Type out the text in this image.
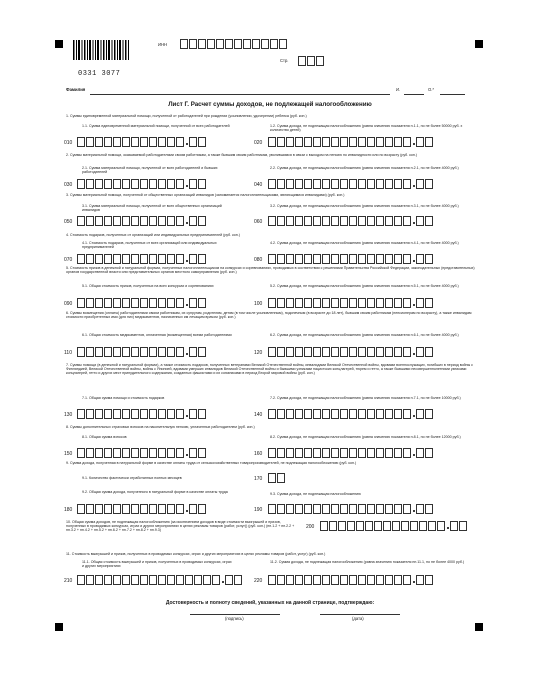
0331 3077
ИНН
Стр.
Фамилия	И.	О.*
Лист Г. Расчет суммы доходов, не подлежащей налогообложению
1. Суммы единовременной материальной помощи, полученной от работодателей при рождении (усыновлении, удочерении) ребенка (руб. коп.)
1.1. Сумма единовременной материальной помощи, полученной от всех работодателей	1.2. Сумма дохода, не подлежащая налогообложению (равна значению показателя п.1.1, но не более 50000 руб. х количество детей)
010	020
2. Суммы материальной помощи, оказываемой работодателями своим работникам, а также бывшим своим работникам, уволившимся в связи с выходом на пенсию по инвалидности или по возрасту (руб. коп.)
2.1. Сумма материальной помощи, полученной от всех работодателей и бывших работодателей
2.2. Сумма дохода, не подлежащая налогообложению (равна значению показателя п.2.1, но не более 4000 руб.)
030	040
3. Суммы материальной помощи, полученной от общественных организаций инвалидов (запоминается налогоплательщиками, являющимися инвалидами) (руб. коп.)
3.1. Сумма материальной помощи, полученной от всех общественных организаций инвалидов
3.2. Сумма дохода, не подлежащая налогообложению (равна значению показателя п.3.1, но не более 4000 руб.)
050	060
4. Стоимость подарков, полученных от организаций или индивидуальных предпринимателей (руб. коп.)
4.1. Стоимость подарков, полученных от всех организаций или индивидуальных предпринимателей
4.2. Сумма дохода, не подлежащая налогообложению (равна значению показателя п.4.1, но не более 4000 руб.)
070	080
5. Стоимость призов в денежной и натуральной формах, полученных налогоплательщиком на конкурсах и соревнованиях, проводимых в соответствии с решениями Правительства Российской Федерации, законодательных (представительных) органов государственной власти или представительных органов местного самоуправления (руб. коп.)
5.1. Общая стоимость призов, полученных на всех конкурсах и соревнованиях	5.2. Сумма дохода, не подлежащая налогообложению (равна значению показателя п.5.1, но не более 4000 руб.)
090	100
6. Суммы возмещения (оплаты) работодателями своим работникам, их супругам, родителям, детям (в том числе усыновленным), подопечным (в возрасте до 18 лет), бывшим своим работникам (пенсионерам по возрасту), а также инвалидам стоимости приобретенных ими (для них) медикаментов, назначенных им лечащим врачом (руб. коп.)
6.1. Общая стоимость медикаментов, оплаченная (возмещенная) всеми работодателями	6.2. Сумма дохода, не подлежащая налогообложению (равна значению показателя п.6.1, но не более 4000 руб.)
110	120
7. Суммы помощи (в денежной и натуральной формах), а также стоимость подарков, полученных ветеранами Великой Отечественной войны, инвалидами Великой Отечественной войны, вдовами военнослужащих, погибших в период войны с Финляндией, Великой Отечественной войны, войны с Японией, вдовами умерших инвалидов Великой Отечественной войны и бывшими узниками нацистских концлагерей, тюрем и гетто, а также бывшими несовершеннолетними узниками концлагерей, гетто и других мест принудительного содержания, созданных фашистами и их союзниками в период Второй мировой войны (руб. коп.)
7.1. Общая сумма помощи и стоимость подарков	7.2. Сумма дохода, не подлежащая налогообложению (равна значению показателя п.7.1, но не более 10000 руб.)
130	140
8. Суммы дополнительных страховых взносов на накопительную пенсию, уплаченных работодателем (руб. коп.)
8.1. Общая сумма взносов	8.2. Сумма дохода, не подлежащая налогообложению (равна значению показателя п.8.1, но не более 12000 руб.)
150	160
9. Сумма дохода, полученная в натуральной форме в качестве оплаты труда от сельскохозяйственных товаропроизводителей, не подлежащая налогообложению (руб. коп.)
9.1. Количество фактически отработанных полных месяцев	170
9.2. Общая сумма дохода, полученного в натуральной форме в качестве оплаты труда	9.3. Сумма дохода, не подлежащая налогообложению
180	190
10. Общая сумма доходов, не подлежащая налогообложению (за исключением доходов в виде стоимости выигрышей и призов, полученных в проводимых конкурсах, играх и других мероприятиях в целях рекламы товаров (работ, услуг)) (руб. коп.) (пп.1.2 + пп.2.2 + пп.3.2 + пп.4.2 + пп.5.2 + пп.6.2 + пп.7.2 + пп.8.2 + пп.9.3)
200
11. Стоимость выигрышей и призов, полученных в проводимых конкурсах, играх и других мероприятиях в целях рекламы товаров (работ, услуг) (руб. коп.)
11.1. Общая стоимость выигрышей и призов, полученных в проводимых конкурсах, играх и других мероприятиях
11.2. Сумма дохода, не подлежащая налогообложению (равна значению показателя пп.11.1, но не более 4000 руб.)
210	220
Достоверность и полноту сведений, указанных на данной странице, подтверждаю:
(подпись)	(дата)
